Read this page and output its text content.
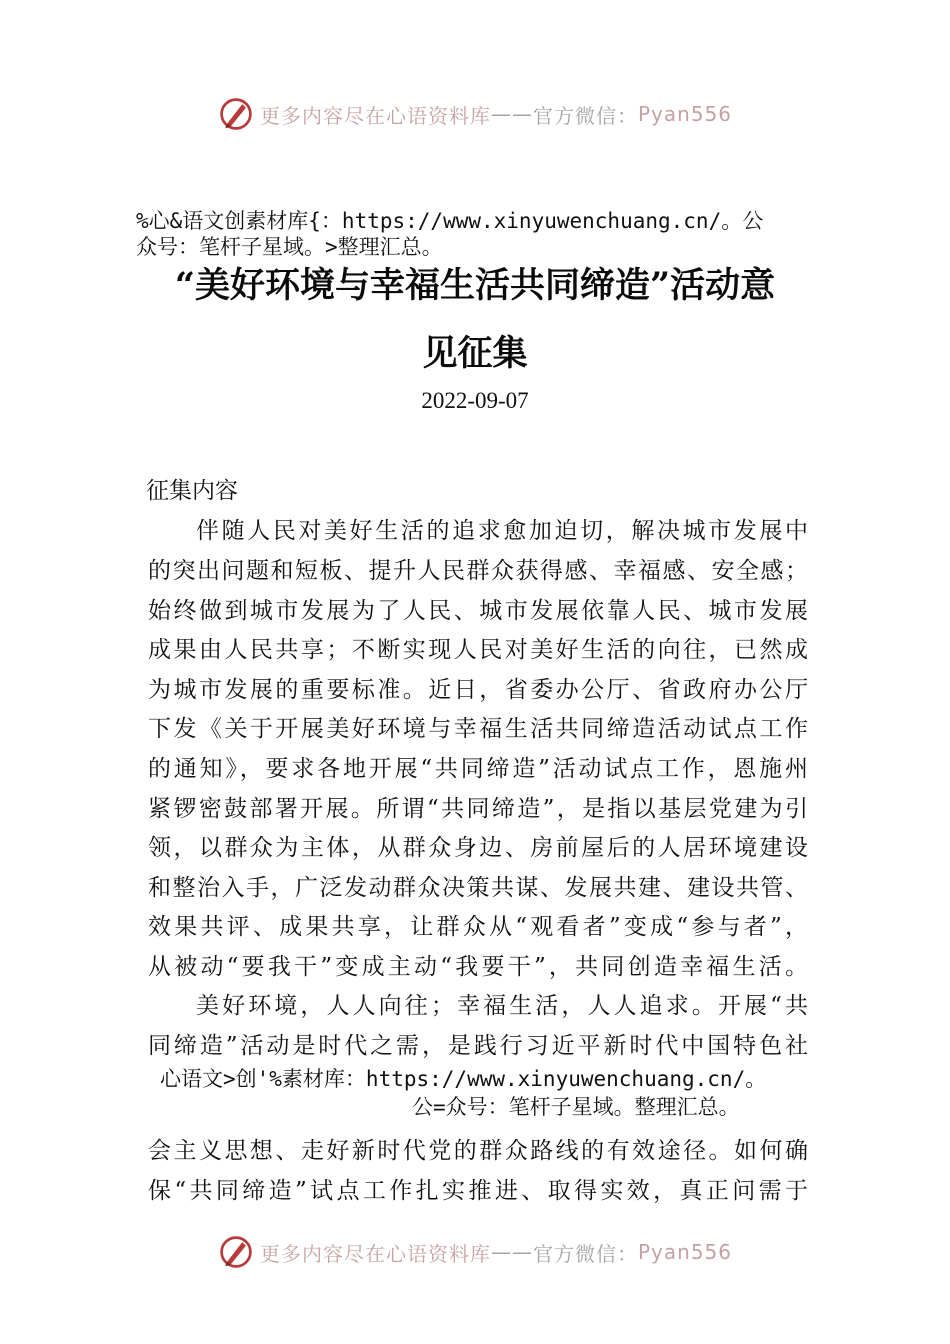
更多内容尽在心语资料库 —— 官方微信： Pyan556
%心&语文创素材库{：https://www.xinyuwenchuang.cn/。公
众号：笔杆子星域。>整理汇总。
“美好环境与幸福生活共同缔造”活动意
见征集
2022-09-07
征集内容
伴随人民对美好生活的追求愈加迫切，解决城市发展中
的突出问题和短板、提升人民群众获得感、幸福感、安全感；
始终做到城市发展为了人民、城市发展依靠人民、城市发展
成果由人民共享；不断实现人民对美好生活的向往，已然成
为城市发展的重要标准。近日，省委办公厅、省政府办公厅
下发《关于开展美好环境与幸福生活共同缔造活动试点工作
的通知》，要求各地开展“共同缔造”活动试点工作，恩施州
紧锣密鼓部署开展。所谓“共同缔造”，是指以基层党建为引
领，以群众为主体，从群众身边、房前屋后的人居环境建设
和整治入手，广泛发动群众决策共谋、发展共建、建设共管、
效果共评、成果共享，让群众从“观看者”变成“参与者”，
从被动“要我干”变成主动“我要干”，共同创造幸福生活。
美好环境，人人向往；幸福生活，人人追求。开展“共
同缔造”活动是时代之需，是践行习近平新时代中国特色社
心语文>创'%素材库：https://www.xinyuwenchuang.cn/。
公=众号：笔杆子星域。整理汇总。
会主义思想、走好新时代党的群众路线的有效途径。如何确
保“共同缔造”试点工作扎实推进、取得实效，真正问需于
更多内容尽在心语资料库 —— 官方微信： Pyan556
